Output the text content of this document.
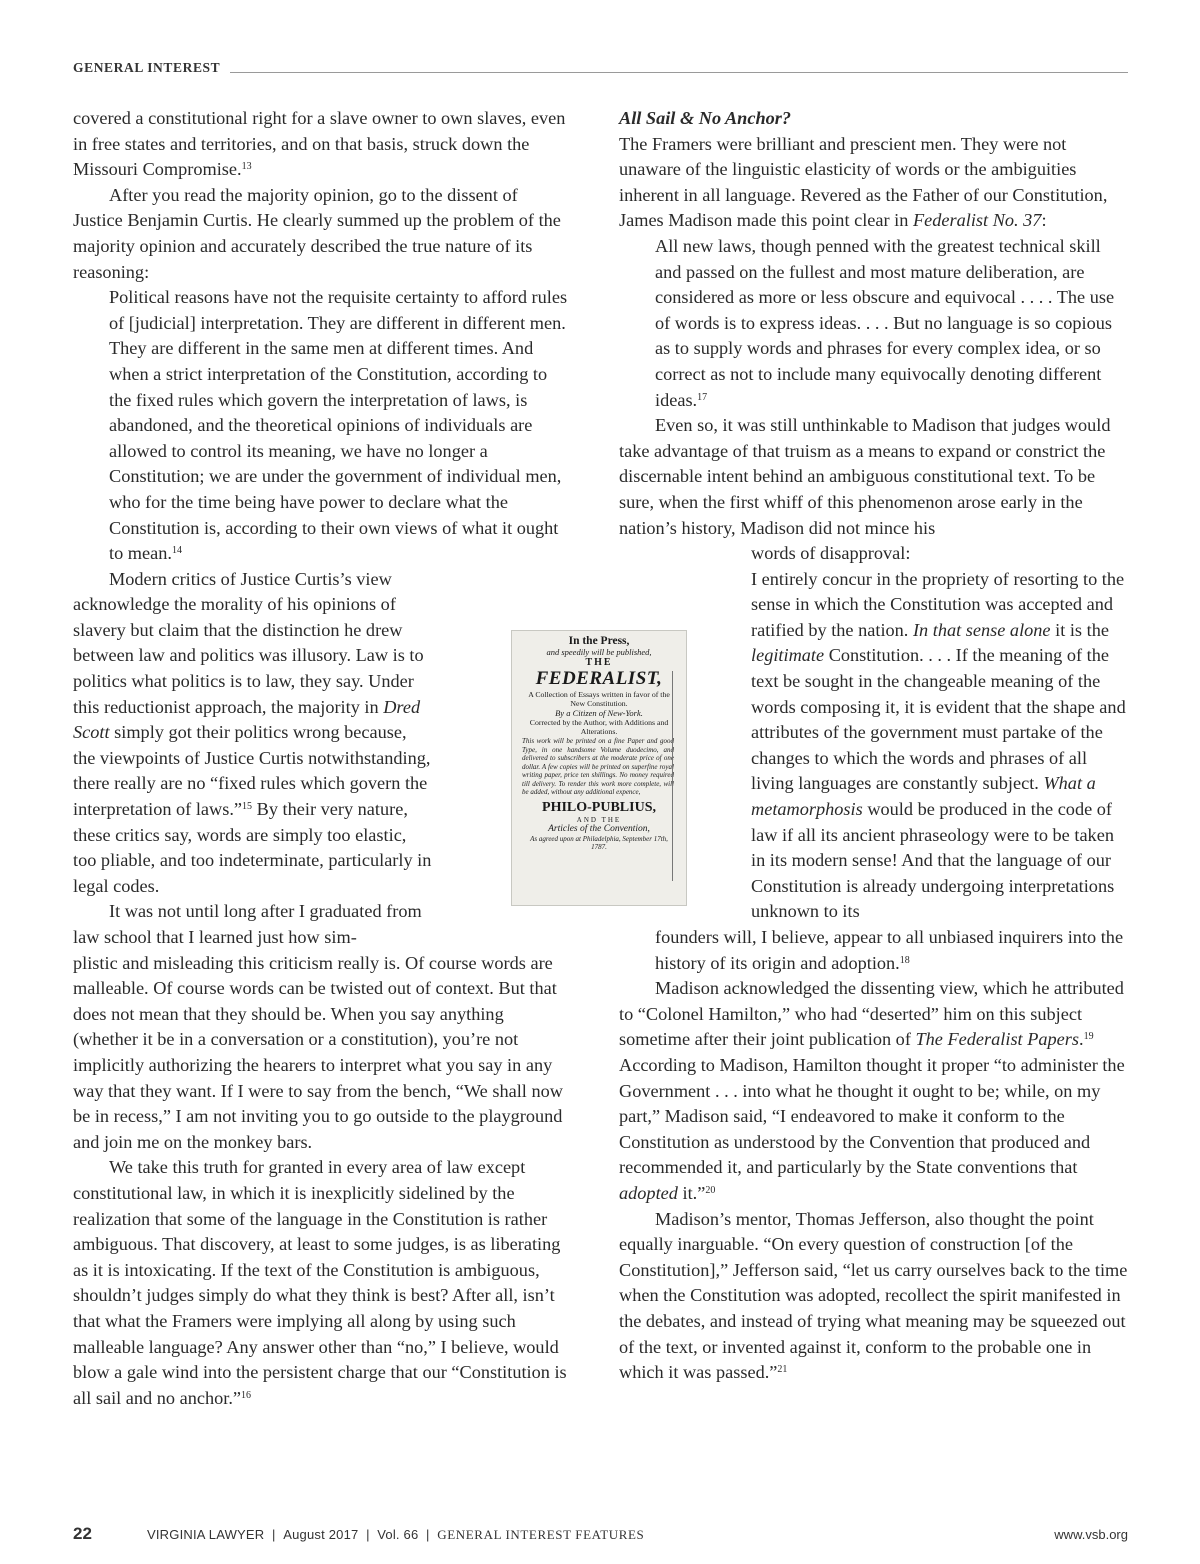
GENERAL INTEREST

covered a constitutional right for a slave owner to own slaves, even in free states and territories, and on that basis, struck down the Missouri Compromise.$^{13}$

After you read the majority opinion, go to the dissent of Justice Benjamin Curtis. He clearly summed up the problem of the majority opinion and accurately described the true nature of its reasoning:

Political reasons have not the requisite certainty to afford rules of [judicial] interpretation. They are different in different men. They are different in the same men at different times. And when a strict interpretation of the Constitution, according to the fixed rules which govern the interpretation of laws, is abandoned, and the theoretical opinions of individuals are allowed to control its meaning, we have no longer a Constitution; we are under the government of individual men, who for the time being have power to declare what the Constitution is, according to their own views of what it ought to mean.$^{14}$

Modern critics of Justice Curtis’s view acknowledge the morality of his opinions of slavery but claim that the distinction he drew between law and politics was illusory. Law is to politics what politics is to law, they say. Under this reductionist approach, the majority in Dred Scott simply got their politics wrong because, the viewpoints of Justice Curtis notwithstanding, there really are no “fixed rules which govern the interpretation of laws.”$^{15}$ By their very nature, these critics say, words are simply too elastic, too pliable, and too indeterminate, particularly in legal codes.

It was not until long after I graduated from law school that I learned just how sim-

plistic and misleading this criticism really is. Of course words are malleable. Of course words can be twisted out of context. But that does not mean that they should be. When you say anything (whether it be in a conversation or a constitution), you’re not implicitly authorizing the hearers to interpret what you say in any way that they want. If I were to say from the bench, “We shall now be in recess,” I am not inviting you to go outside to the playground and join me on the monkey bars.

We take this truth for granted in every area of law except constitutional law, in which it is inexplicitly sidelined by the realization that some of the language in the Constitution is rather ambiguous. That discovery, at least to some judges, is as liberating as it is intoxicating. If the text of the Constitution is ambiguous, shouldn’t judges simply do what they think is best? After all, isn’t that what the Framers were implying all along by using such malleable language? Any answer other than “no,” I believe, would blow a gale wind into the persistent charge that our “Constitution is all sail and no anchor.”$^{16}$

In the Press,
and speedily will be published,
THE
FEDERALIST,
A Collection of Essays written in favor of the New Constitution.
By a Citizen of New-York.
Corrected by the Author, with Additions and Alterations.
This work will be printed on a fine Paper and good Type, in one handsome Volume duodecimo, and delivered to subscribers at the moderate price of one dollar. A few copies will be printed on superfine royal writing paper, price ten shillings. No money required till delivery. To render this work more complete, will be added, without any additional expence,
PHILO-PUBLIUS,
AND THE
Articles of the Convention,
As agreed upon at Philadelphia, September 17th, 1787.

All Sail & No Anchor?

The Framers were brilliant and prescient men. They were not unaware of the linguistic elasticity of words or the ambiguities inherent in all language. Revered as the Father of our Constitution, James Madison made this point clear in Federalist No. 37:

All new laws, though penned with the greatest technical skill and passed on the fullest and most mature deliberation, are considered as more or less obscure and equivocal . . . . The use of words is to express ideas. . . . But no language is so copious as to supply words and phrases for every complex idea, or so correct as not to include many equivocally denoting different ideas.$^{17}$

Even so, it was still unthinkable to Madison that judges would take advantage of that truism as a means to expand or constrict the discernable intent behind an ambiguous constitutional text. To be sure, when the first whiff of this phenomenon arose early in the nation’s history, Madison did not mince his

words of disapproval:

I entirely concur in the propriety of resorting to the sense in which the Constitution was accepted and ratified by the nation. In that sense alone it is the legitimate Constitution. . . . If the meaning of the text be sought in the changeable meaning of the words composing it, it is evident that the shape and attributes of the government must partake of the changes to which the words and phrases of all living languages are constantly subject. What a metamorphosis would be produced in the code of law if all its ancient phraseology were to be taken in its modern sense! And that the language of our Constitution is already undergoing interpretations unknown to its

founders will, I believe, appear to all unbiased inquirers into the history of its origin and adoption.$^{18}$

Madison acknowledged the dissenting view, which he attributed to “Colonel Hamilton,” who had “deserted” him on this subject sometime after their joint publication of The Federalist Papers.$^{19}$ According to Madison, Hamilton thought it proper “to administer the Government . . . into what he thought it ought to be; while, on my part,” Madison said, “I endeavored to make it conform to the Constitution as understood by the Convention that produced and recommended it, and particularly by the State conventions that adopted it.”$^{20}$

Madison’s mentor, Thomas Jefferson, also thought the point equally inarguable. “On every question of construction [of the Constitution],” Jefferson said, “let us carry ourselves back to the time when the Constitution was adopted, recollect the spirit manifested in the debates, and instead of trying what meaning may be squeezed out of the text, or invented against it, conform to the probable one in which it was passed.”$^{21}$

22	VIRGINIA LAWYER | August 2017 | Vol. 66 | GENERAL INTEREST FEATURES	www.vsb.org
